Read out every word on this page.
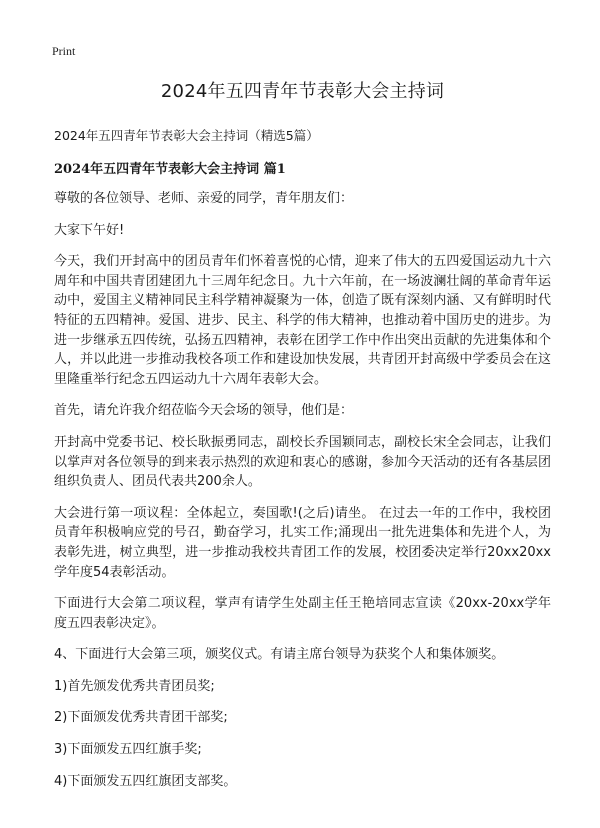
Print
2024年五四青年节表彰大会主持词

2024年五四青年节表彰大会主持词（精选5篇）

2024年五四青年节表彰大会主持词 篇1

尊敬的各位领导、老师、亲爱的同学，青年朋友们：

大家下午好!

今天，我们开封高中的团员青年们怀着喜悦的心情，迎来了伟大的五四爱国运动九十六周年和中国共青团建团九十三周年纪念日。九十六年前，在一场波澜壮阔的革命青年运动中，爱国主义精神同民主科学精神凝聚为一体，创造了既有深刻内涵、又有鲜明时代特征的五四精神。爱国、进步、民主、科学的伟大精神，也推动着中国历史的进步。为进一步继承五四传统，弘扬五四精神，表彰在团学工作中作出突出贡献的先进集体和个人，并以此进一步推动我校各项工作和建设加快发展，共青团开封高级中学委员会在这里隆重举行纪念五四运动九十六周年表彰大会。

首先，请允许我介绍莅临今天会场的领导，他们是：

开封高中党委书记、校长耿振勇同志，副校长乔国颖同志，副校长宋全会同志，让我们以掌声对各位领导的到来表示热烈的欢迎和衷心的感谢，参加今天活动的还有各基层团组织负责人、团员代表共200余人。

大会进行第一项议程：全体起立，奏国歌!(之后)请坐。 在过去一年的工作中，我校团员青年积极响应党的号召，勤奋学习，扎实工作;涌现出一批先进集体和先进个人，为表彰先进，树立典型，进一步推动我校共青团工作的发展，校团委决定举行20xx20xx学年度54表彰活动。

下面进行大会第二项议程，掌声有请学生处副主任王艳培同志宣读《20xx-20xx学年度五四表彰决定》。

4、下面进行大会第三项，颁奖仪式。有请主席台领导为获奖个人和集体颁奖。

1)首先颁发优秀共青团员奖;

2)下面颁发优秀共青团干部奖;

3)下面颁发五四红旗手奖;

4)下面颁发五四红旗团支部奖。
